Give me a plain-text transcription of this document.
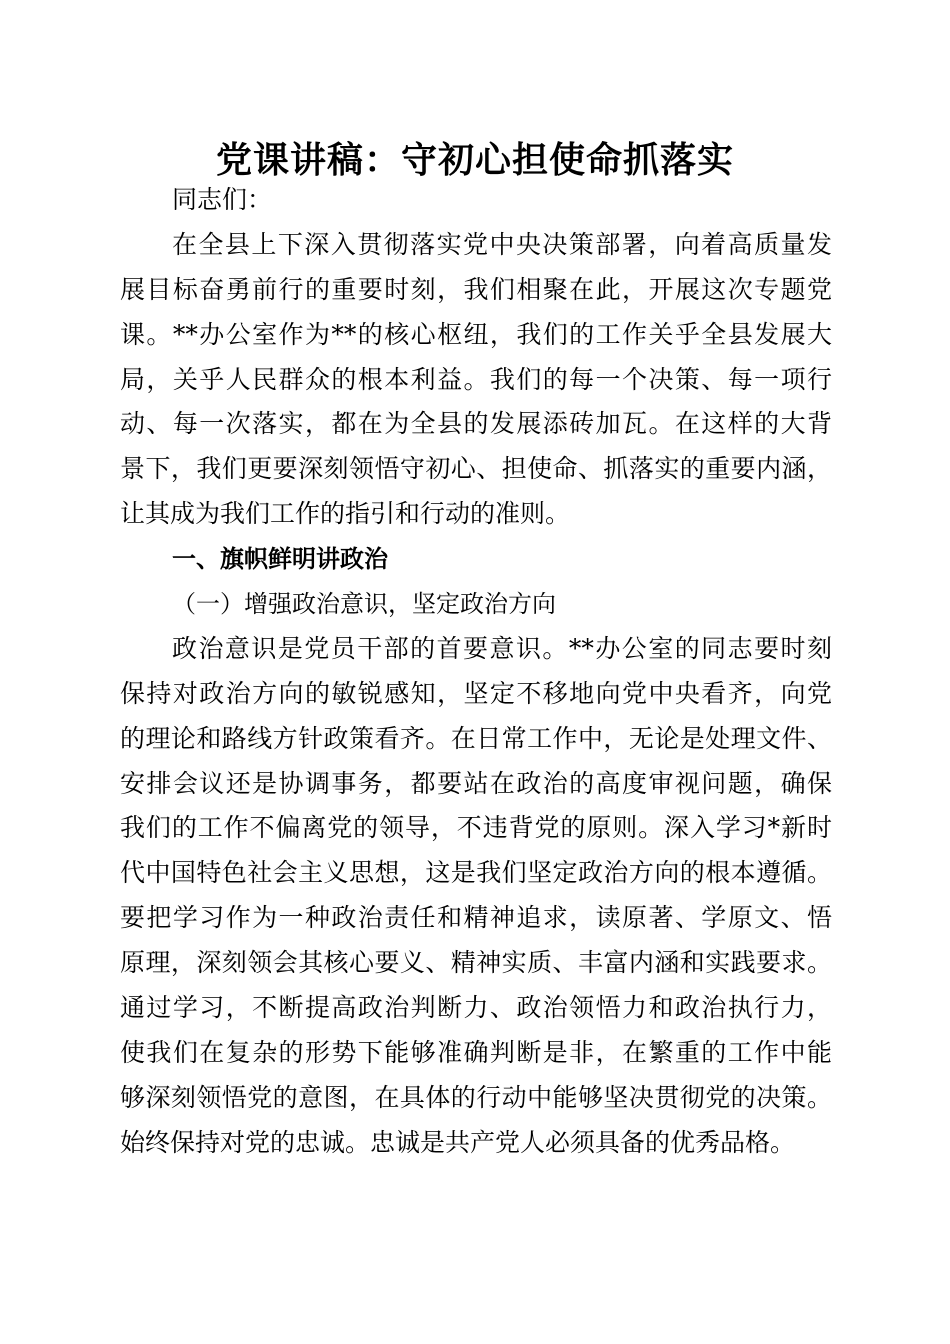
党课讲稿：守初心担使命抓落实
同志们：
在全县上下深入贯彻落实党中央决策部署，向着高质量发
展目标奋勇前行的重要时刻，我们相聚在此，开展这次专题党
课。**办公室作为**的核心枢纽，我们的工作关乎全县发展大
局，关乎人民群众的根本利益。我们的每一个决策、每一项行
动、每一次落实，都在为全县的发展添砖加瓦。在这样的大背
景下，我们更要深刻领悟守初心、担使命、抓落实的重要内涵，
让其成为我们工作的指引和行动的准则。
一、旗帜鲜明讲政治
（一）增强政治意识，坚定政治方向
政治意识是党员干部的首要意识。**办公室的同志要时刻
保持对政治方向的敏锐感知，坚定不移地向党中央看齐，向党
的理论和路线方针政策看齐。在日常工作中，无论是处理文件、
安排会议还是协调事务，都要站在政治的高度审视问题，确保
我们的工作不偏离党的领导，不违背党的原则。深入学习*新时
代中国特色社会主义思想，这是我们坚定政治方向的根本遵循。
要把学习作为一种政治责任和精神追求，读原著、学原文、悟
原理，深刻领会其核心要义、精神实质、丰富内涵和实践要求。
通过学习，不断提高政治判断力、政治领悟力和政治执行力，
使我们在复杂的形势下能够准确判断是非，在繁重的工作中能
够深刻领悟党的意图，在具体的行动中能够坚决贯彻党的决策。
始终保持对党的忠诚。忠诚是共产党人必须具备的优秀品格。
